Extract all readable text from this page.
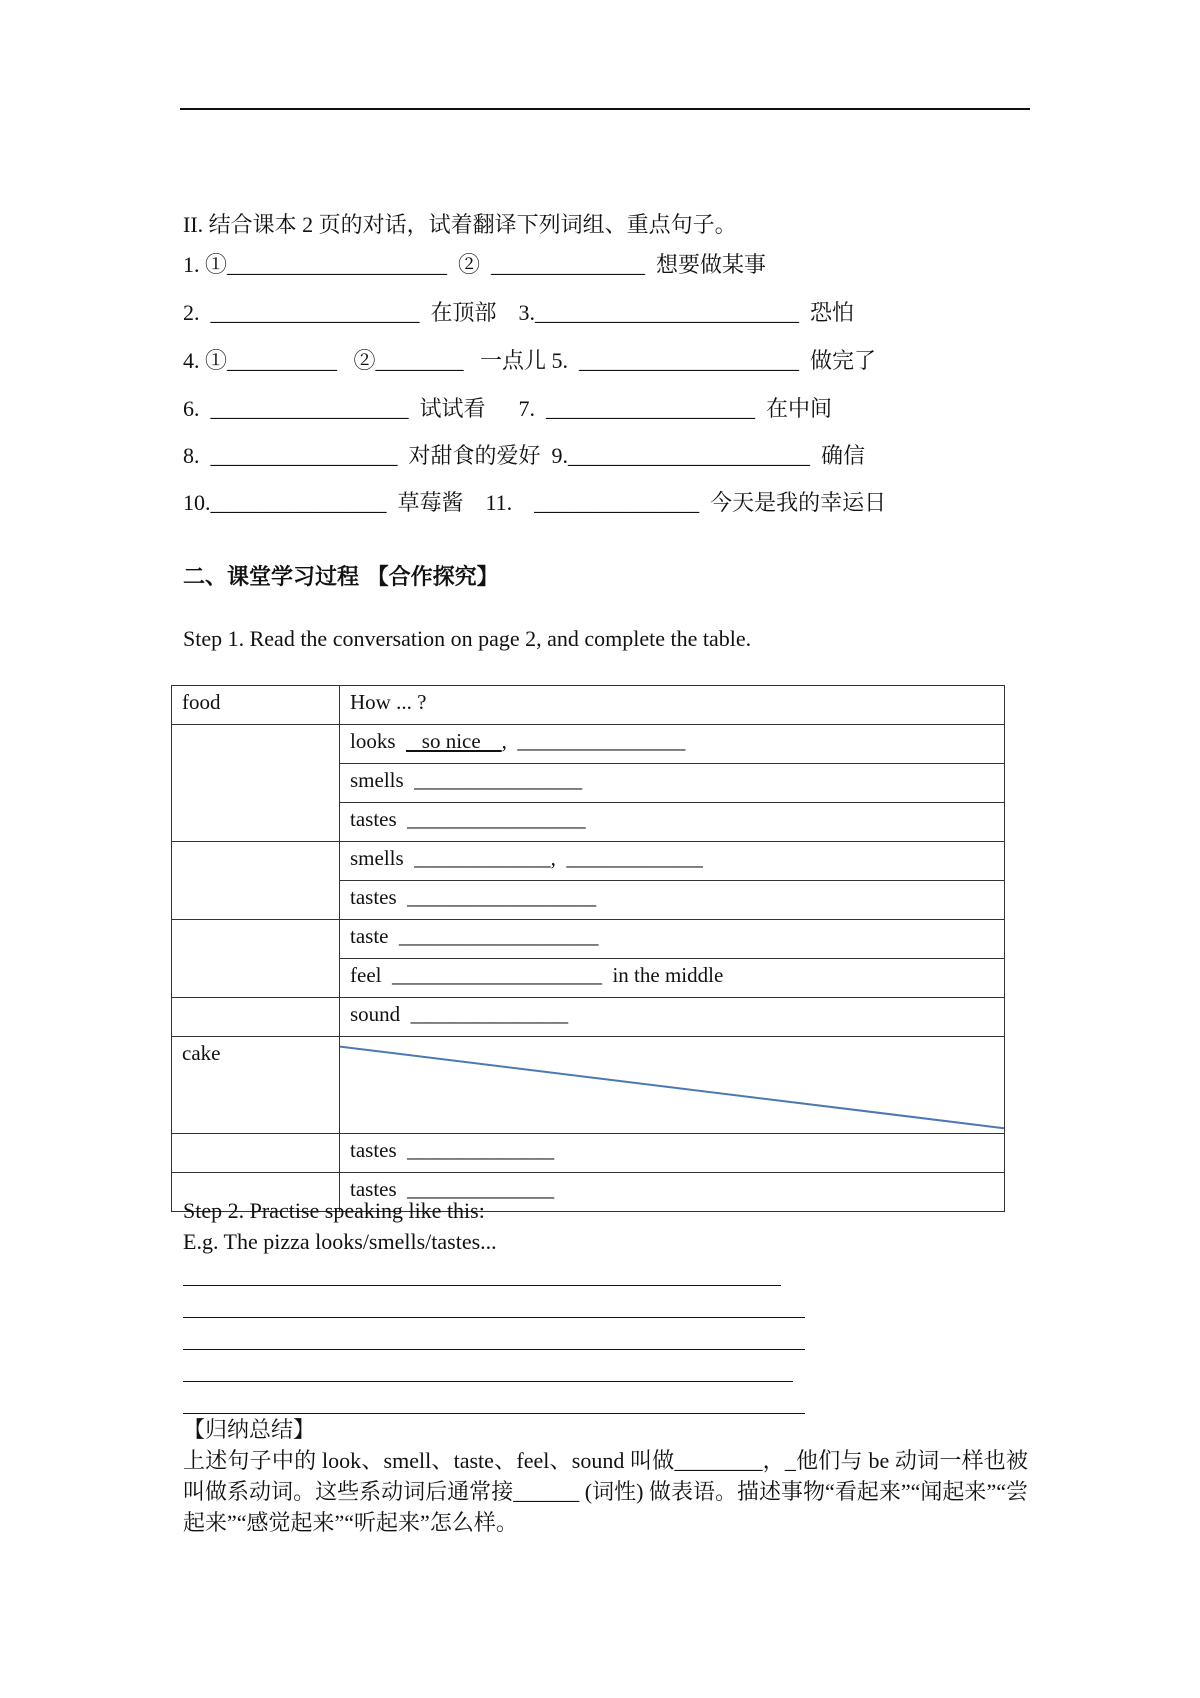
II. 结合课本 2 页的对话，试着翻译下列词组、重点句子。
1. ①____________________  ②  ______________  想要做某事
2.  ___________________  在顶部    3.________________________  恐怕
4. ①__________   ②________   一点儿 5.  ____________________  做完了
6.  __________________  试试看      7.  ___________________  在中间
8.  _________________  对甜食的爱好  9.______________________  确信
10.________________  草莓酱    11.    _______________  今天是我的幸运日
二、课堂学习过程 【合作探究】
Step 1. Read the conversation on page 2, and complete the table.
food	How ... ?
	looks     so nice    ,  ________________
	smells  ________________
	tastes  _________________
	smells  _____________,  _____________
	tastes  __________________
	taste  ___________________
	feel  ____________________  in the middle
	sound  _______________
cake	

	tastes  ______________
	tastes  ______________
Step 2. Practise speaking like this:
E.g. The pizza looks/smells/tastes...

【归纳总结】

上述句子中的 look、smell、taste、feel、sound 叫做________，_他们与 be 动词一样也被叫做系动词。这些系动词后通常接______ (词性) 做表语。描述事物“看起来”“闻起来”“尝起来”“感觉起来”“听起来”怎么样。
